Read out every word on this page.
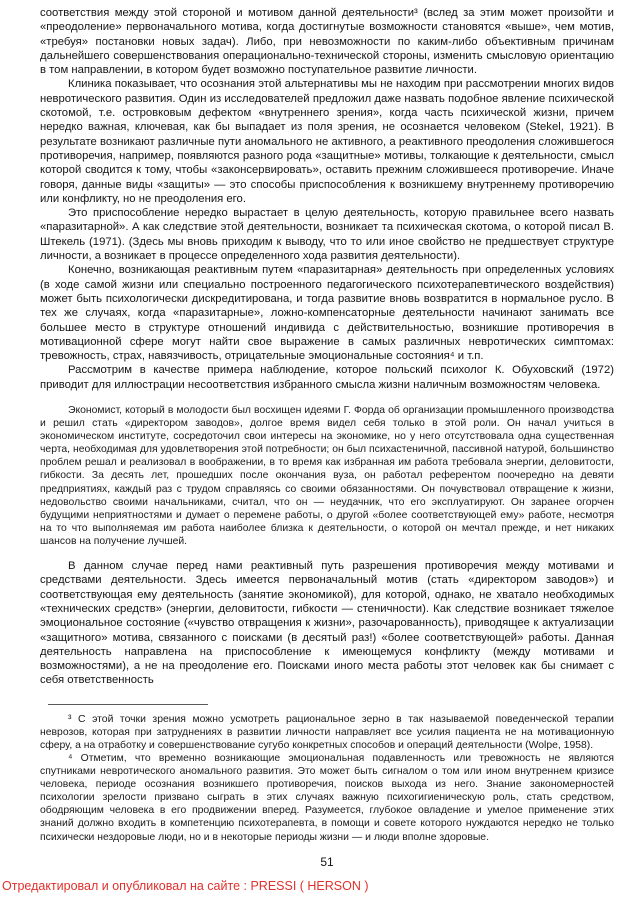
соответствия между этой стороной и мотивом данной деятельности³ (вслед за этим может произойти и «преодоление» первоначального мотива, когда достигнутые возможности становятся «выше», чем мотив, «требуя» постановки новых задач). Либо, при невозможности по каким-либо объективным причинам дальнейшего совершенствования операционально-технической стороны, изменить смысловую ориентацию в том направлении, в котором будет возможно поступательное развитие личности.

Клиника показывает, что осознания этой альтернативы мы не находим при рассмотрении многих видов невротического развития. Один из исследователей предложил даже назвать подобное явление психической скотомой, т.е. островковым дефектом «внутреннего зрения», когда часть психической жизни, причем нередко важная, ключевая, как бы выпадает из поля зрения, не осознается человеком (Stekel, 1921). В результате возникают различные пути аномального не активного, а реактивного преодоления сложившегося противоречия, например, появляются разного рода «защитные» мотивы, толкающие к деятельности, смысл которой сводится к тому, чтобы «законсервировать», оставить прежним сложившееся противоречие. Иначе говоря, данные виды «защиты» — это способы приспособления к возникшему внутреннему противоречию или конфликту, но не преодоления его.

Это приспособление нередко вырастает в целую деятельность, которую правильнее всего назвать «паразитарной». А как следствие этой деятельности, возникает та психическая скотома, о которой писал В. Штекель (1971). (Здесь мы вновь приходим к выводу, что то или иное свойство не предшествует структуре личности, а возникает в процессе определенного хода развития деятельности).

Конечно, возникающая реактивным путем «паразитарная» деятельность при определенных условиях (в ходе самой жизни или специально построенного педагогического психотерапевтического воздействия) может быть психологически дискредитирована, и тогда развитие вновь возвратится в нормальное русло. В тех же случаях, когда «паразитарные», ложно-компенсаторные деятельности начинают занимать все большее место в структуре отношений индивида с действительностью, возникшие противоречия в мотивационной сфере могут найти свое выражение в самых различных невротических симптомах: тревожность, страх, навязчивость, отрицательные эмоциональные состояния⁴ и т.п.

Рассмотрим в качестве примера наблюдение, которое польский психолог К. Обуховский (1972) приводит для иллюстрации несоответствия избранного смысла жизни наличным возможностям человека.

Экономист, который в молодости был восхищен идеями Г. Форда об организации промышленного производства и решил стать «директором заводов», долгое время видел себя только в этой роли. Он начал учиться в экономическом институте, сосредоточил свои интересы на экономике, но у него отсутствовала одна существенная черта, необходимая для удовлетворения этой потребности; он был психастеничной, пассивной натурой, большинство проблем решал и реализовал в воображении, в то время как избранная им работа требовала энергии, деловитости, гибкости. За десять лет, прошедших после окончания вуза, он работал референтом поочередно на девяти предприятиях, каждый раз с трудом справляясь со своими обязанностями. Он почувствовал отвращение к жизни, недовольство своими начальниками, считал, что он — неудачник, что его эксплуатируют. Он заранее огорчен будущими неприятностями и думает о перемене работы, о другой «более соответствующей ему» работе, несмотря на то что выполняемая им работа наиболее близка к деятельности, о которой он мечтал прежде, и нет никаких шансов на получение лучшей.

В данном случае перед нами реактивный путь разрешения противоречия между мотивами и средствами деятельности. Здесь имеется первоначальный мотив (стать «директором заводов») и соответствующая ему деятельность (занятие экономикой), для которой, однако, не хватало необходимых «технических средств» (энергии, деловитости, гибкости — стеничности). Как следствие возникает тяжелое эмоциональное состояние («чувство отвращения к жизни», разочарованность), приводящее к актуализации «защитного» мотива, связанного с поисками (в десятый раз!) «более соответствующей» работы. Данная деятельность направлена на приспособление к имеющемуся конфликту (между мотивами и возможностями), а не на преодоление его. Поисками иного места работы этот человек как бы снимает с себя ответственность

³ С этой точки зрения можно усмотреть рациональное зерно в так называемой поведенческой терапии неврозов, которая при затруднениях в развитии личности направляет все усилия пациента не на мотивационную сферу, а на отработку и совершенствование сугубо конкретных способов и операций деятельности (Wolpe, 1958).

⁴ Отметим, что временно возникающие эмоциональная подавленность или тревожность не являются спутниками невротического аномального развития. Это может быть сигналом о том или ином внутреннем кризисе человека, периоде осознания возникшего противоречия, поисков выхода из него. Знание закономерностей психологии зрелости призвано сыграть в этих случаях важную психогигиеническую роль, стать средством, ободряющим человека в его продвижении вперед. Разумеется, глубокое овладение и умелое применение этих знаний должно входить в компетенцию психотерапевта, в помощи и совете которого нуждаются нередко не только психически нездоровые люди, но и в некоторые периоды жизни — и люди вполне здоровые.

51
Отредактировал и опубликовал на сайте : PRESSI ( HERSON )
